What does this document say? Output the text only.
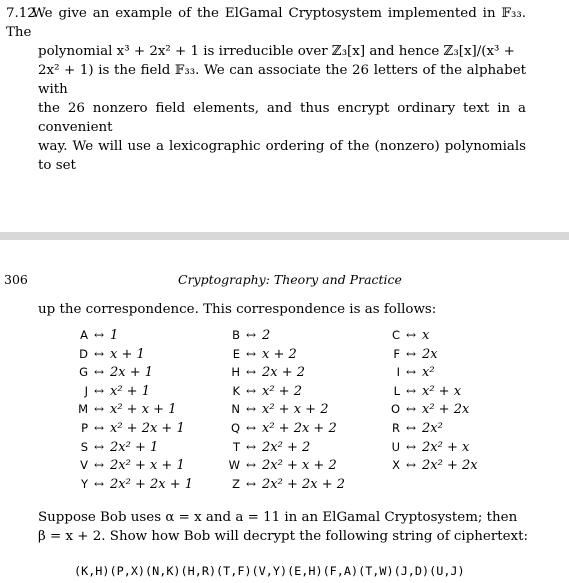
7.12We give an example of the ElGamal Cryptosystem implemented in 𝔽₃₃. The
polynomial x³ + 2x² + 1 is irreducible over ℤ₃[x] and hence ℤ₃[x]/(x³ +
2x² + 1) is the field 𝔽₃₃. We can associate the 26 letters of the alphabet with
the 26 nonzero field elements, and thus encrypt ordinary text in a convenient
way. We will use a lexicographic ordering of the (nonzero) polynomials to set
306	Cryptography: Theory and Practice
up the correspondence. This correspondence is as follows:
A ↔ 1	B ↔ 2	C ↔ x
D ↔ x + 1	E ↔ x + 2	F ↔ 2x
G ↔ 2x + 1	H ↔ 2x + 2	I ↔ x²
J ↔ x² + 1	K ↔ x² + 2	L ↔ x² + x
M ↔ x² + x + 1	N ↔ x² + x + 2	O ↔ x² + 2x
P ↔ x² + 2x + 1	Q ↔ x² + 2x + 2	R ↔ 2x²
S ↔ 2x² + 1	T ↔ 2x² + 2	U ↔ 2x² + x
V ↔ 2x² + x + 1	W ↔ 2x² + x + 2	X ↔ 2x² + 2x
Y ↔ 2x² + 2x + 1	Z ↔ 2x² + 2x + 2
Suppose Bob uses α = x and a = 11 in an ElGamal Cryptosystem; then
β = x + 2. Show how Bob will decrypt the following string of ciphertext:
(K,H)(P,X)(N,K)(H,R)(T,F)(V,Y)(E,H)(F,A)(T,W)(J,D)(U,J)
